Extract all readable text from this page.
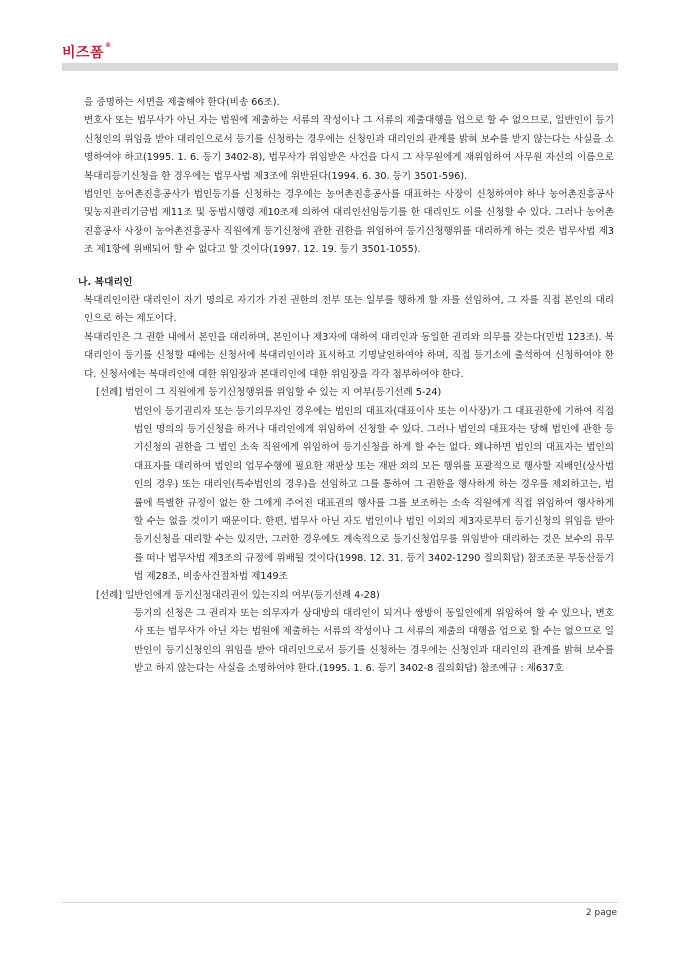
비즈폼®

을 증명하는 서면을 제출해야 한다(비송 66조).

변호사 또는 법무사가 아닌 자는 법원에 제출하는 서류의 작성이나 그 서류의 제출대행을 업으로 할 수 없으므로, 일반인이 등기신청인의 위임을 받아 대리인으로서 등기를 신청하는 경우에는 신청인과 대리인의 관계를 밝혀 보수를 받지 않는다는 사실을 소명하여야 하고(1995. 1. 6. 등기 3402-8), 법무사가 위임받은 사건을 다시 그 사무원에게 재위임하여 사무원 자신의 이름으로 복대리등기신청을 한 경우에는 법무사법 제3조에 위반된다(1994. 6. 30. 등기 3501-596).

법인인 농어촌진흥공사가 법인등기를 신청하는 경우에는 농어촌진흥공사를 대표하는 사장이 신청하여야 하나 농어촌진흥공사및농지관리기금법 제11조 및 동법시행령 제10조제 의하여 대리인선임등기를 한 대리인도 이를 신청할 수 있다. 그러나 농어촌진흥공사 사장이 농어촌진흥공사 직원에게 등기신청에 관한 권한을 위임하여 등기신청행위를 대리하게 하는 것은 법무사법 제3조 제1항에 위배되어 할 수 없다고 할 것이다(1997. 12. 19. 등기 3501-1055).

나. 복대리인

복대리인이란 대리인이 자기 명의로 자기가 가진 권한의 전부 또는 일부를 행하게 할 자를 선임하여, 그 자를 직접 본인의 대리인으로 하는 제도이다.

복대리인은 그 권한 내에서 본인을 대리하며, 본인이나 제3자에 대하여 대리인과 동일한 권리와 의무를 갖는다(민법 123조). 복대리인이 등기를 신청할 때에는 신청서에 복대리인이라 표시하고 기명날인하여야 하며, 직접 등기소에 출석하여 신청하여야 한다. 신청서에는 복대리인에 대한 위임장과 본대리인에 대한 위임장을 각각 첨부하여야 한다.

[선례] 법인이 그 직원에게 등기신청행위를 위임할 수 있는 지 여부(등기선례 5-24)

법인이 등기권리자 또는 등기의무자인 경우에는 법인의 대표자(대표이사 또는 이사장)가 그 대표권한에 기하여 직접 법인 명의의 등기신청을 하거나 대리인에게 위임하여 신청할 수 있다. 그러나 법인의 대표자는 당해 법인에 관한 등기신청의 권한을 그 법인 소속 직원에게 위임하여 등기신청을 하게 할 수는 없다. 왜냐하면 법인의 대표자는 법인의 대표자를 대리하여 법인의 업무수행에 필요한 재판상 또는 재판 외의 모든 행위를 포괄적으로 행사할 지배인(상사법인의 경우) 또는 대리인(특수법인의 경우)을 선임하고 그를 통하여 그 권한을 행사하게 하는 경우를 제외하고는, 법률에 특별한 규정이 없는 한 그에게 주어진 대표권의 행사를 그를 보조하는 소속 직원에게 직접 위임하여 행사하게 할 수는 없을 것이기 때문이다. 한편, 법무사 아닌 자도 법인이나 법인 이외의 제3자로부터 등기신청의 위임을 받아 등기신청을 대리할 수는 있지만, 그러한 경우에도 계속적으로 등기신청업무를 위임받아 대리하는 것은 보수의 유무를 떠나 법무사법 제3조의 규정에 위배될 것이다(1998. 12. 31. 등기 3402-1290 질의회답) 참조조문 부동산등기법 제28조, 비송사건절차법 제149조

[선례] 일반인에게 등기신청대리권이 있는지의 여부(등기선례 4-28)

등기의 신청은 그 권리자 또는 의무자가 상대방의 대리인이 되거나 쌍방이 동일인에게 위임하여 할 수 있으나, 변호사 또는 법무사가 아닌 자는 법원에 제출하는 서류의 작성이나 그 서류의 제출의 대행을 업으로 할 수는 없으므로 일반인이 등기신청인의 위임을 받아 대리인으로서 등기를 신청하는 경우에는 신청인과 대리인의 관계를 밝혀 보수를 받고 하지 않는다는 사실을 소명하여야 한다.(1995. 1. 6. 등기 3402-8 질의회답) 참조예규 : 제637호

2 page
